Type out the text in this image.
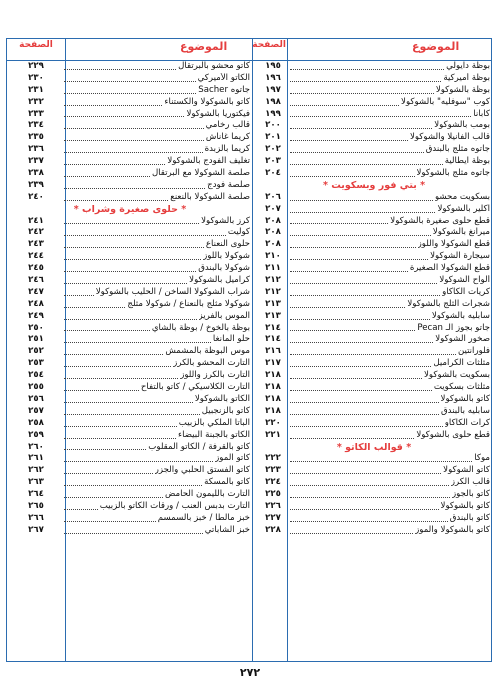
الموضوع
الصفحة
الموضوع
الصفحة
بوظة دايولي
١٩٥
بوظة أميركية
١٩٦
بوظة بالشوكولا
١٩٧
كوب "سوفليه" بالشوكولا
١٩٨
كابانا
١٩٩
بومب بالشوكولا
٢٠٠
قالب الفانيلا والشوكولا
٢٠١
جاتوه مثلج بالبندق
٢٠٢
بوظة ايطالية
٢٠٣
جاتوه مثلج بالشوكولا
٢٠٤
* بتي فور وبسكويت *
بسكويت محشو
٢٠٦
اكلير بالشوكولا
٢٠٧
قطع حلوى صغيرة بالشوكولا
٢٠٨
ميرانغ بالشوكولا
٢٠٨
قطع الشوكولا واللوز
٢٠٨
سيجارة الشوكولا
٢١٠
قطع الشوكولا الصغيرة
٢١١
ألواح الشوكولا
٢١٢
كريات الكاكاو
٢١٢
شجرات الثلج بالشوكولا
٢١٣
سابليه بالشوكولا
٢١٣
جاتو بجوز الـ Pecan
٢١٤
صخور الشوكولا
٢١٤
فلورانتين
٢١٦
مثلثات الكراميل
٢١٧
بسكويت بالشوكولا
٢١٨
مثلثات بسكويت
٢١٨
كاتو بالشوكولا
٢١٨
سابليه بالبندق
٢١٨
كرات الكاكاو
٢٢٠
قطع حلوى بالشوكولا
٢٢١
* قوالب الكاتو *
موكا
٢٢٢
كاتو الشوكولا
٢٢٣
قالب الكرز
٢٢٤
كاتو بالجوز
٢٢٥
كاتو بالشوكولا
٢٢٦
كاتو بالبندق
٢٢٧
كاتو بالشوكولا والموز
٢٢٨
كاتو محشو بالبرتقال
٢٢٩
الكاتو الأميركي
٢٣٠
جاتوه Sacher
٢٣١
كاتو بالشوكولا والكستناء
٢٣٢
فيكتوريا بالشوكولا
٢٣٣
قالب رخامي
٢٣٤
كريما غاناش
٢٣٥
كريما بالزبدة
٢٣٦
تغليف الفودج بالشوكولا
٢٣٧
صلصة الشوكولا مع البرتقال
٢٣٨
صلصة فودج
٢٣٩
صلصة الشوكولا بالنعنع
٢٤٠
* حلوى صغيرة وشراب *
كرز بالشوكولا
٢٤١
كوليت
٢٤٢
حلوى النعناع
٢٤٣
شوكولا باللوز
٢٤٤
شوكولا بالبندق
٢٤٥
كراميل بالشوكولا
٢٤٦
شراب الشوكولا الساخن / الحليب بالشوكولا
٢٤٧
شوكولا مثلج بالنعناع / شوكولا مثلج
٢٤٨
الموس بالفريز
٢٤٩
بوظة بالخوخ / بوظة بالشاي
٢٥٠
حلو المانغا
٢٥١
موس البوظة بالمشمش
٢٥٢
التارت المحشو بالكرز
٢٥٣
التارت بالكرز واللوز
٢٥٤
التارت الكلاسيكي / كاتو بالتفاح
٢٥٥
الكاتو بالشوكولا
٢٥٦
كاتو بالزنجبيل
٢٥٧
الباتا الملكي بالزبيب
٢٥٨
الكاتو بالجبنة البيضاء
٢٥٩
كاتو بالقرفة / الكاتو المقلوب
٢٦٠
كاتو الموز
٢٦١
كاتو الفستق الحلبي والجزر
٢٦٢
كاتو بالمسكة
٢٦٣
التارت بالليمون الحامض
٢٦٤
التارت بدبس العنب / ورقات الكاتو بالزبيب
٢٦٥
خبز مالطا / خبز بالسمسم
٢٦٦
خبز الشاباتي
٢٦٧
٢٧٢
